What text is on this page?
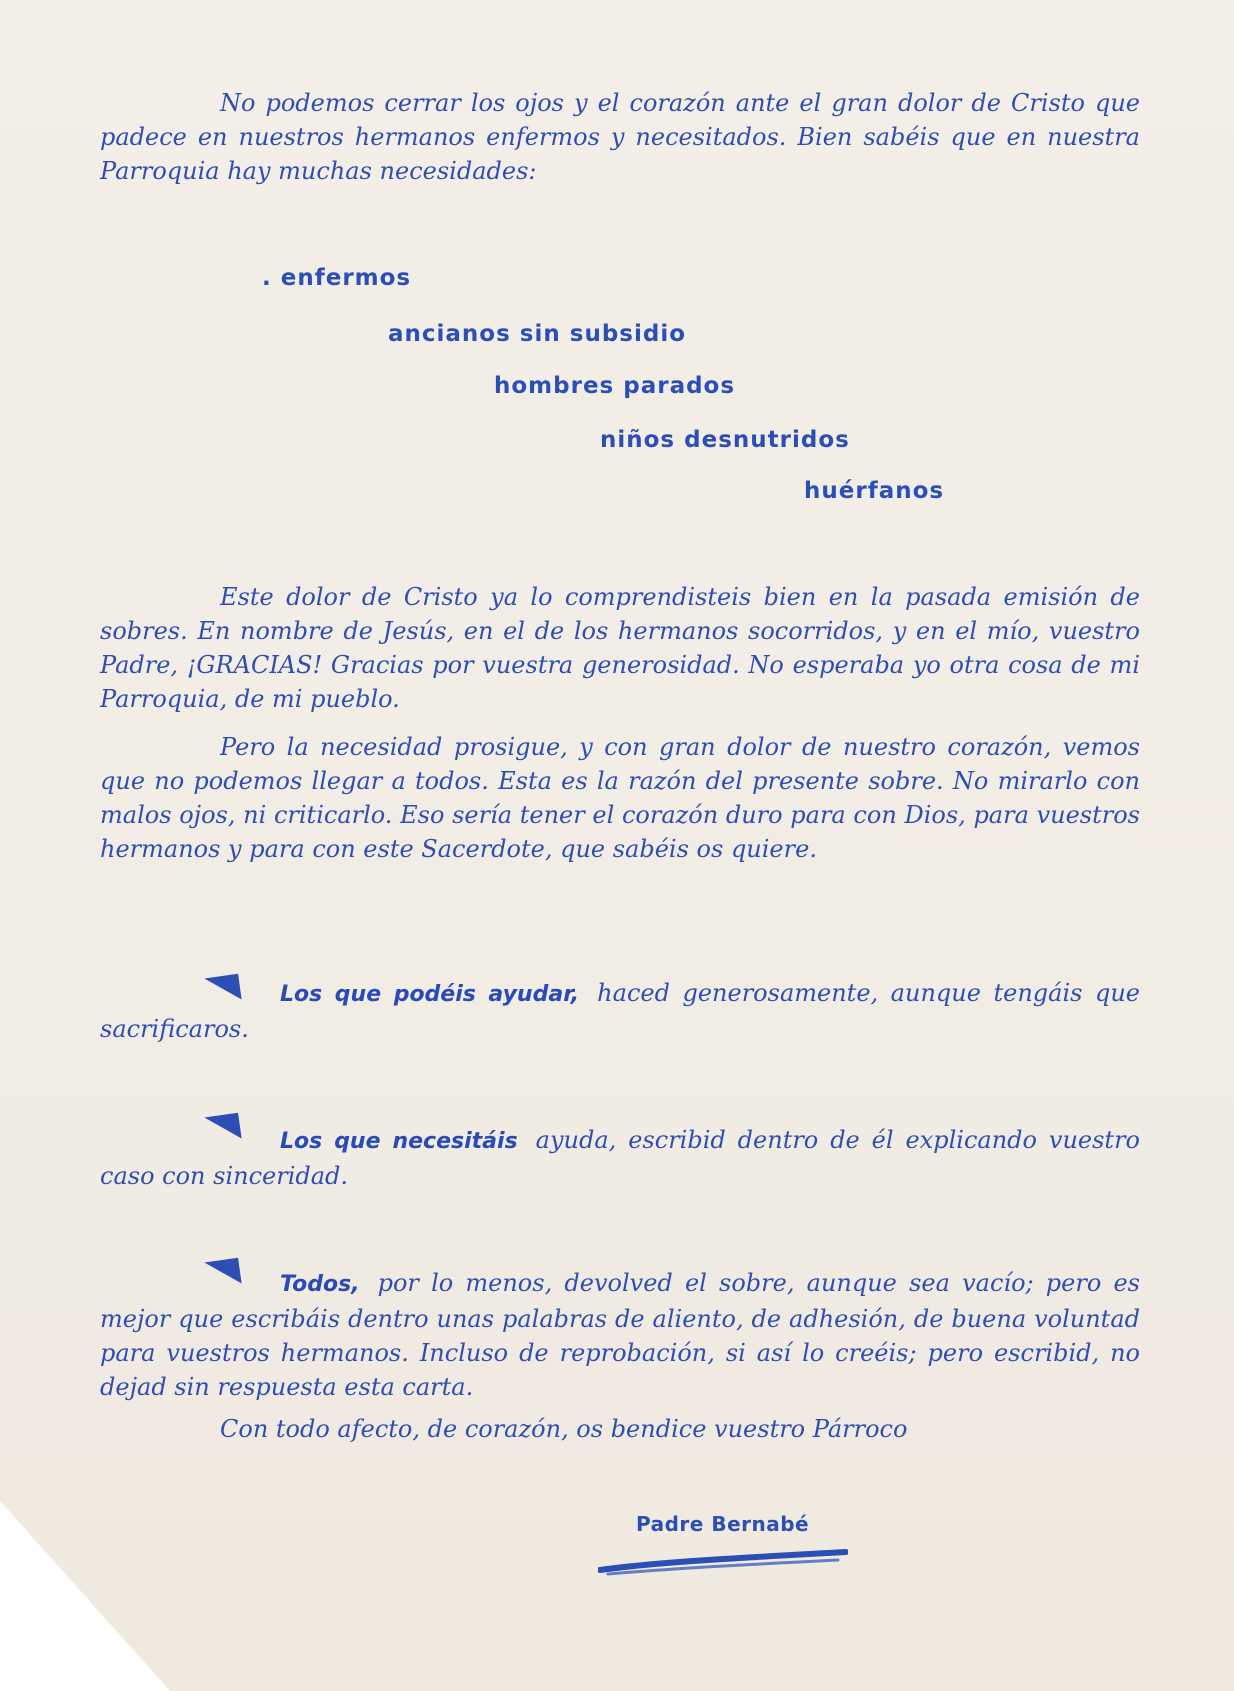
No podemos cerrar los ojos y el corazón ante el gran dolor de Cristo que padece en nuestros hermanos enfermos y necesitados. Bien sabéis que en nuestra Parroquia hay muchas necesidades:
. enfermos
ancianos sin subsidio
hombres parados
niños desnutridos
huérfanos
Este dolor de Cristo ya lo comprendisteis bien en la pasada emisión de sobres. En nombre de Jesús, en el de los hermanos socorridos, y en el mío, vuestro Padre, ¡GRACIAS! Gracias por vuestra generosidad. No esperaba yo otra cosa de mi Parroquia, de mi pueblo.
Pero la necesidad prosigue, y con gran dolor de nuestro corazón, vemos que no podemos llegar a todos. Esta es la razón del presente sobre. No mirarlo con malos ojos, ni criticarlo. Eso sería tener el corazón duro para con Dios, para vuestros hermanos y para con este Sacerdote, que sabéis os quiere.
Los que podéis ayudar, haced generosamente, aunque tengáis que sacrificaros.
Los que necesitáis ayuda, escribid dentro de él explicando vuestro caso con sinceridad.
Todos, por lo menos, devolved el sobre, aunque sea vacío; pero es mejor que escribáis dentro unas palabras de aliento, de adhesión, de buena voluntad para vuestros hermanos. Incluso de reprobación, si así lo creéis; pero escribid, no dejad sin respuesta esta carta.
Con todo afecto, de corazón, os bendice vuestro Párroco
Padre Bernabé
